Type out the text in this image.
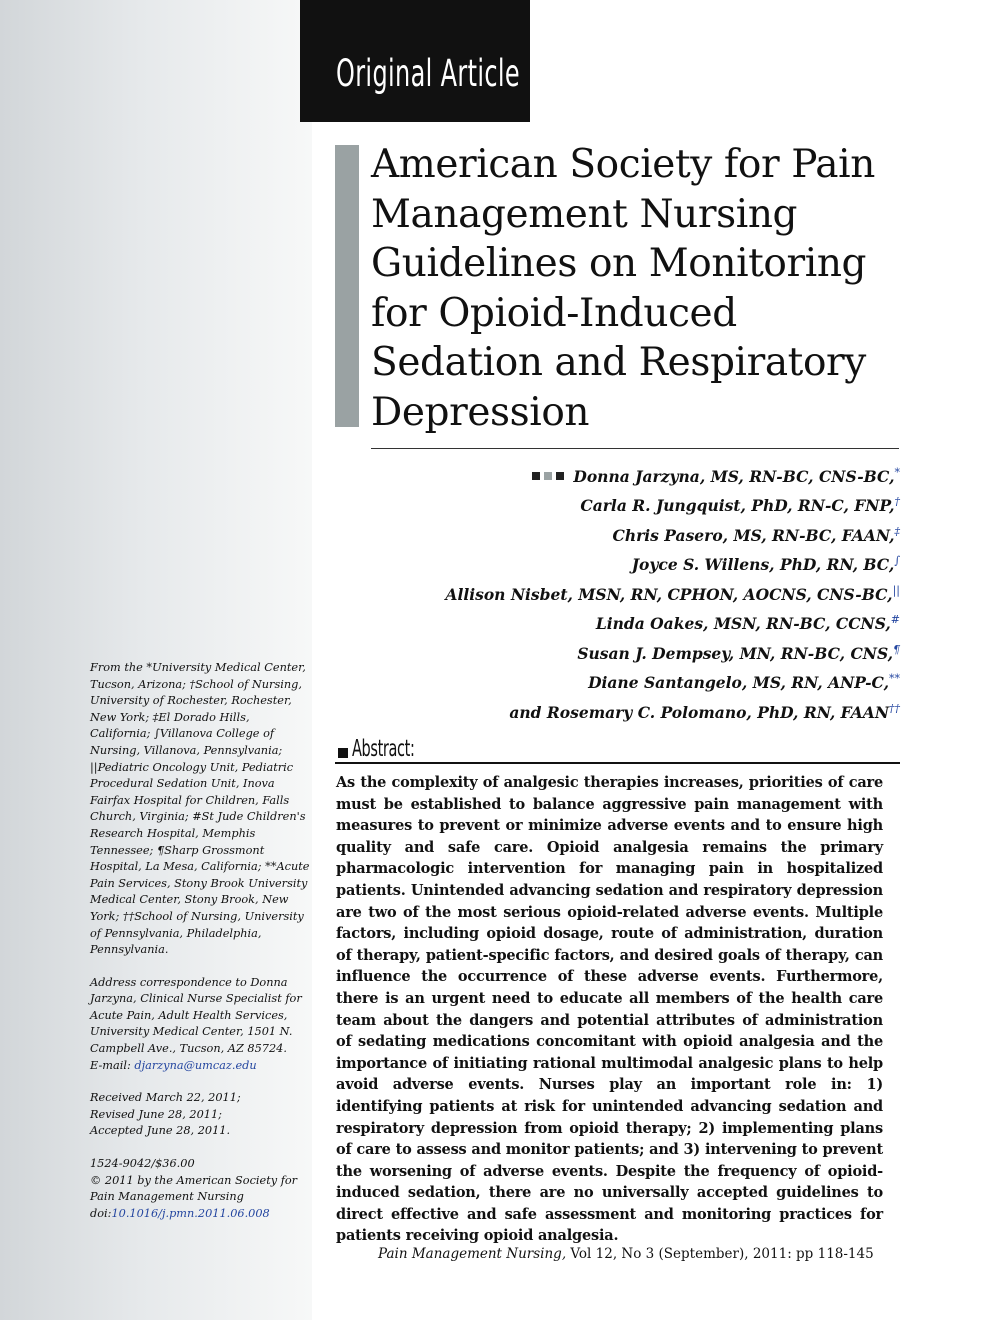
Original Article
American Society for Pain Management Nursing Guidelines on Monitoring for Opioid-Induced Sedation and Respiratory Depression
Donna Jarzyna, MS, RN-BC, CNS-BC,*
Carla R. Jungquist, PhD, RN-C, FNP,†
Chris Pasero, MS, RN-BC, FAAN,‡
Joyce S. Willens, PhD, RN, BC,∫
Allison Nisbet, MSN, RN, CPHON, AOCNS, CNS-BC,||
Linda Oakes, MSN, RN-BC, CCNS,#
Susan J. Dempsey, MN, RN-BC, CNS,¶
Diane Santangelo, MS, RN, ANP-C,**
and Rosemary C. Polomano, PhD, RN, FAAN††

From the *University Medical Center, Tucson, Arizona; †School of Nursing, University of Rochester, Rochester, New York; ‡El Dorado Hills, California; ∫Villanova College of Nursing, Villanova, Pennsylvania; ||Pediatric Oncology Unit, Pediatric Procedural Sedation Unit, Inova Fairfax Hospital for Children, Falls Church, Virginia; #St Jude Children's Research Hospital, Memphis Tennessee; ¶Sharp Grossmont Hospital, La Mesa, California; **Acute Pain Services, Stony Brook University Medical Center, Stony Brook, New York; ††School of Nursing, University of Pennsylvania, Philadelphia, Pennsylvania.

Address correspondence to Donna Jarzyna, Clinical Nurse Specialist for Acute Pain, Adult Health Services, University Medical Center, 1501 N. Campbell Ave., Tucson, AZ 85724.
E-mail: djarzyna@umcaz.edu

Received March 22, 2011;
Revised June 28, 2011;
Accepted June 28, 2011.

1524-9042/$36.00
© 2011 by the American Society for Pain Management Nursing
doi:10.1016/j.pmn.2011.06.008

Abstract:

As the complexity of analgesic therapies increases, priorities of care must be established to balance aggressive pain management with measures to prevent or minimize adverse events and to ensure high quality and safe care. Opioid analgesia remains the primary pharmacologic intervention for managing pain in hospitalized patients. Unintended advancing sedation and respiratory depression are two of the most serious opioid-related adverse events. Multiple factors, including opioid dosage, route of administration, duration of therapy, patient-specific factors, and desired goals of therapy, can influence the occurrence of these adverse events. Furthermore, there is an urgent need to educate all members of the health care team about the dangers and potential attributes of administration of sedating medications concomitant with opioid analgesia and the importance of initiating rational multimodal analgesic plans to help avoid adverse events. Nurses play an important role in: 1) identifying patients at risk for unintended advancing sedation and respiratory depression from opioid therapy; 2) implementing plans of care to assess and monitor patients; and 3) intervening to prevent the worsening of adverse events. Despite the frequency of opioid-induced sedation, there are no universally accepted guidelines to direct effective and safe assessment and monitoring practices for patients receiving opioid analgesia.

Pain Management Nursing, Vol 12, No 3 (September), 2011: pp 118-145
